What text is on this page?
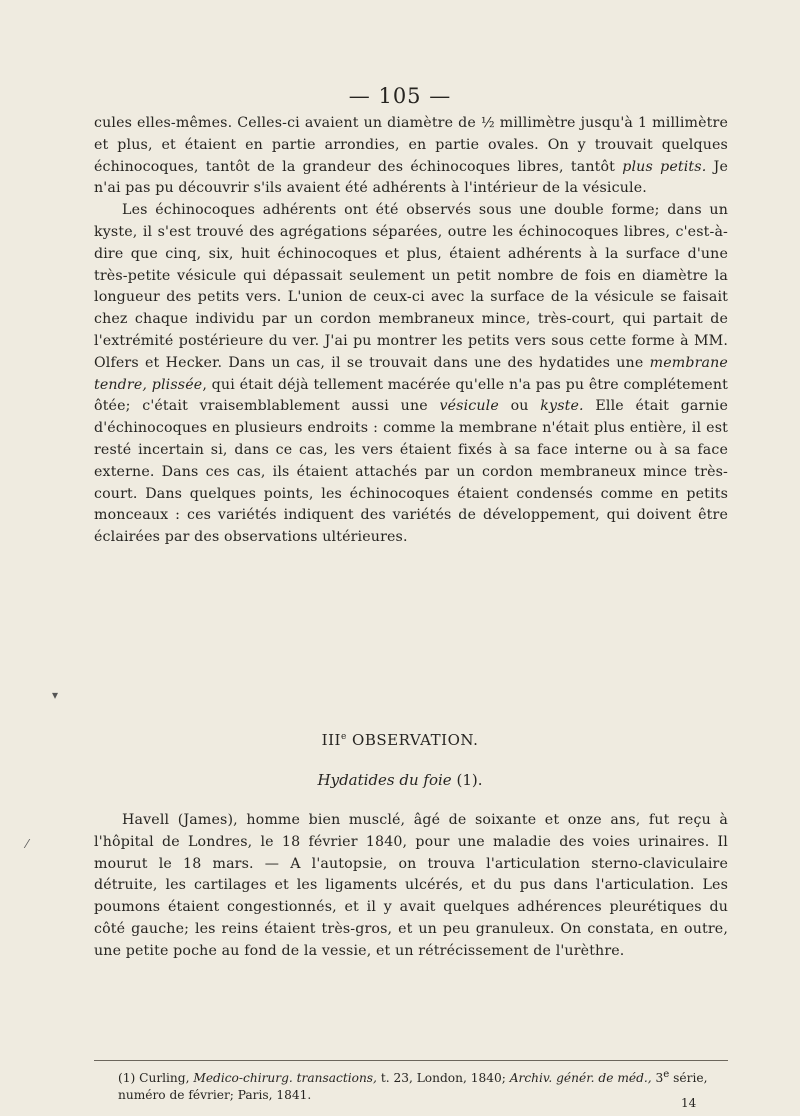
— 105 —

cules elles-mêmes. Celles-ci avaient un diamètre de ½ millimètre jusqu'à 1 millimètre et plus, et étaient en partie arrondies, en partie ovales. On y trouvait quelques échinocoques, tantôt de la grandeur des échinocoques libres, tantôt plus petits. Je n'ai pas pu découvrir s'ils avaient été adhérents à l'intérieur de la vésicule.

Les échinocoques adhérents ont été observés sous une double forme; dans un kyste, il s'est trouvé des agrégations séparées, outre les échinocoques libres, c'est-à-dire que cinq, six, huit échinocoques et plus, étaient adhérents à la surface d'une très-petite vésicule qui dépassait seulement un petit nombre de fois en diamètre la longueur des petits vers. L'union de ceux-ci avec la surface de la vésicule se faisait chez chaque individu par un cordon membraneux mince, très-court, qui partait de l'extrémité postérieure du ver. J'ai pu montrer les petits vers sous cette forme à MM. Olfers et Hecker. Dans un cas, il se trouvait dans une des hydatides une membrane tendre, plissée, qui était déjà tellement macérée qu'elle n'a pas pu être complétement ôtée; c'était vraisemblablement aussi une vésicule ou kyste. Elle était garnie d'échinocoques en plusieurs endroits : comme la membrane n'était plus entière, il est resté incertain si, dans ce cas, les vers étaient fixés à sa face interne ou à sa face externe. Dans ces cas, ils étaient attachés par un cordon membraneux mince très-court. Dans quelques points, les échinocoques étaient condensés comme en petits monceaux : ces variétés indiquent des variétés de développement, qui doivent être éclairées par des observations ultérieures.

IIIe OBSERVATION.
Hydatides du foie (1).

Havell (James), homme bien musclé, âgé de soixante et onze ans, fut reçu à l'hôpital de Londres, le 18 février 1840, pour une maladie des voies urinaires. Il mourut le 18 mars. — A l'autopsie, on trouva l'articulation sterno-claviculaire détruite, les cartilages et les ligaments ulcérés, et du pus dans l'articulation. Les poumons étaient congestionnés, et il y avait quelques adhérences pleurétiques du côté gauche; les reins étaient très-gros, et un peu granuleux. On constata, en outre, une petite poche au fond de la vessie, et un rétrécissement de l'urèthre.

(1) Curling, Medico-chirurg. transactions, t. 23, London, 1840; Archiv. génér. de méd., 3e série, numéro de février; Paris, 1841.
14
▾
⁄
